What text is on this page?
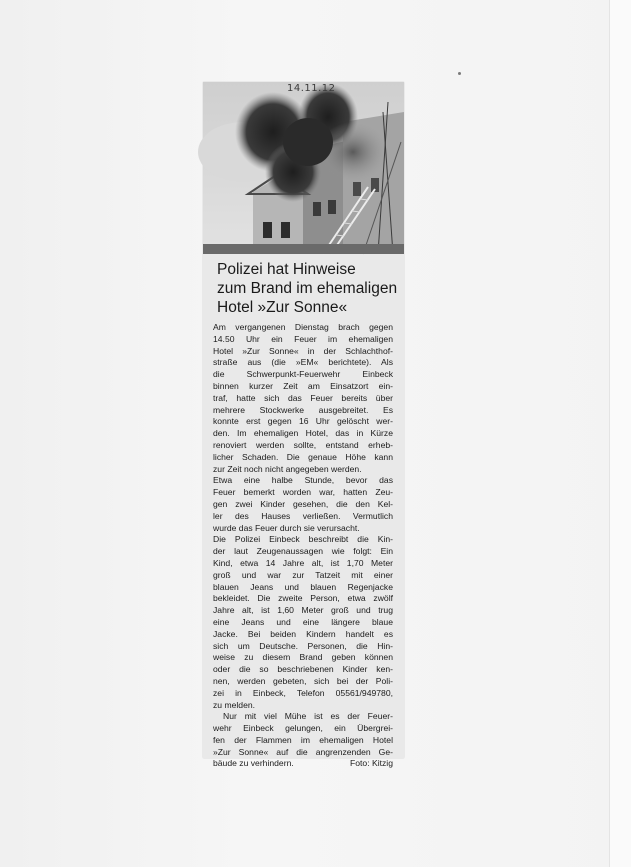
14.11.12
Polizei hat Hinweise
zum Brand im ehemaligen
Hotel »Zur Sonne«
Am vergangenen Dienstag brach gegen
14.50 Uhr ein Feuer im ehemaligen
Hotel »Zur Sonne« in der Schlachthof-
straße aus (die »EM« berichtete). Als
die Schwerpunkt-Feuerwehr Einbeck
binnen kurzer Zeit am Einsatzort ein-
traf, hatte sich das Feuer bereits über
mehrere Stockwerke ausgebreitet. Es
konnte erst gegen 16 Uhr gelöscht wer-
den. Im ehemaligen Hotel, das in Kürze
renoviert werden sollte, entstand erheb-
licher Schaden. Die genaue Höhe kann
zur Zeit noch nicht angegeben werden.
Etwa eine halbe Stunde, bevor das
Feuer bemerkt worden war, hatten Zeu-
gen zwei Kinder gesehen, die den Kel-
ler des Hauses verließen. Vermutlich
wurde das Feuer durch sie verursacht.
Die Polizei Einbeck beschreibt die Kin-
der laut Zeugenaussagen wie folgt: Ein
Kind, etwa 14 Jahre alt, ist 1,70 Meter
groß und war zur Tatzeit mit einer
blauen Jeans und blauen Regenjacke
bekleidet. Die zweite Person, etwa zwölf
Jahre alt, ist 1,60 Meter groß und trug
eine Jeans und eine längere blaue
Jacke. Bei beiden Kindern handelt es
sich um Deutsche. Personen, die Hin-
weise zu diesem Brand geben können
oder die so beschriebenen Kinder ken-
nen, werden gebeten, sich bei der Poli-
zei in Einbeck, Telefon 05561/949780,
zu melden.
Nur mit viel Mühe ist es der Feuer-
wehr Einbeck gelungen, ein Übergrei-
fen der Flammen im ehemaligen Hotel
»Zur Sonne« auf die angrenzenden Ge-
bäude zu verhindern.	Foto: Kitzig
